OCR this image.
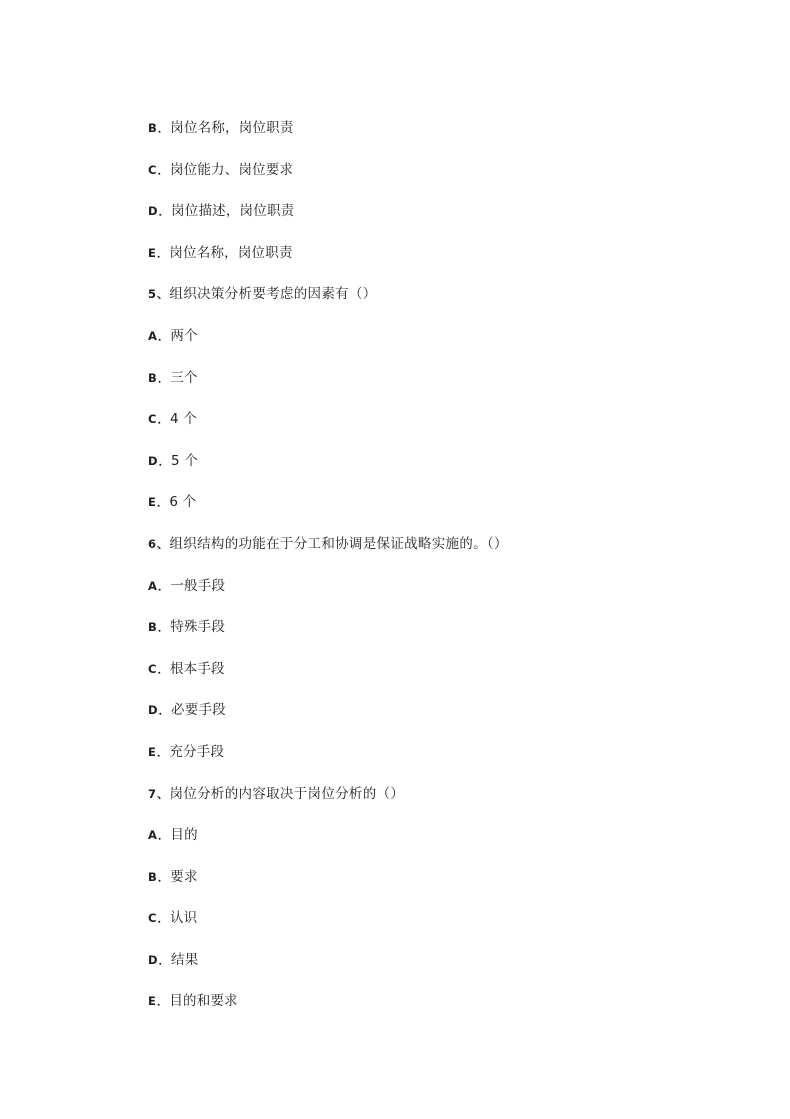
B．岗位名称，岗位职责
C．岗位能力、岗位要求
D．岗位描述，岗位职责
E．岗位名称，岗位职责
5、组织决策分析要考虑的因素有（）
A．两个
B．三个
C．4 个
D．5 个
E．6 个
6、组织结构的功能在于分工和协调是保证战略实施的。（）
A．一般手段
B．特殊手段
C．根本手段
D．必要手段
E．充分手段
7、岗位分析的内容取决于岗位分析的（）
A．目的
B．要求
C．认识
D．结果
E．目的和要求
